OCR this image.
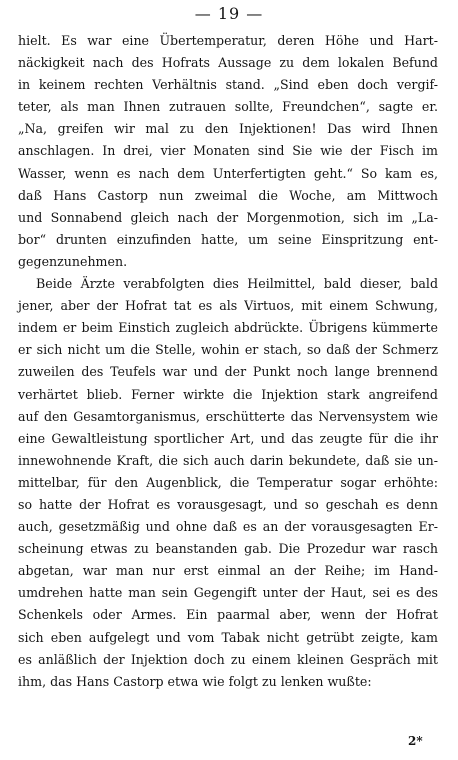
— 19 —
hielt. Es war eine Übertemperatur, deren Höhe und Hart-
näckigkeit nach des Hofrats Aussage zu dem lokalen Befund
in keinem rechten Verhältnis stand. „Sind eben doch vergif-
teter, als man Ihnen zutrauen sollte, Freundchen“, sagte er.
„Na, greifen wir mal zu den Injektionen! Das wird Ihnen
anschlagen. In drei, vier Monaten sind Sie wie der Fisch im
Wasser, wenn es nach dem Unterfertigten geht.“ So kam es,
daß Hans Castorp nun zweimal die Woche, am Mittwoch
und Sonnabend gleich nach der Morgenmotion, sich im „La-
bor“ drunten einzufinden hatte, um seine Einspritzung ent-
gegenzunehmen.
Beide Ärzte verabfolgten dies Heilmittel, bald dieser, bald
jener, aber der Hofrat tat es als Virtuos, mit einem Schwung,
indem er beim Einstich zugleich abdrückte. Übrigens kümmerte
er sich nicht um die Stelle, wohin er stach, so daß der Schmerz
zuweilen des Teufels war und der Punkt noch lange brennend
verhärtet blieb. Ferner wirkte die Injektion stark angreifend
auf den Gesamtorganismus, erschütterte das Nervensystem wie
eine Gewaltleistung sportlicher Art, und das zeugte für die ihr
innewohnende Kraft, die sich auch darin bekundete, daß sie un-
mittelbar, für den Augenblick, die Temperatur sogar erhöhte:
so hatte der Hofrat es vorausgesagt, und so geschah es denn
auch, gesetzmäßig und ohne daß es an der vorausgesagten Er-
scheinung etwas zu beanstanden gab. Die Prozedur war rasch
abgetan, war man nur erst einmal an der Reihe; im Hand-
umdrehen hatte man sein Gegengift unter der Haut, sei es des
Schenkels oder Armes. Ein paarmal aber, wenn der Hofrat
sich eben aufgelegt und vom Tabak nicht getrübt zeigte, kam
es anläßlich der Injektion doch zu einem kleinen Gespräch mit
ihm, das Hans Castorp etwa wie folgt zu lenken wußte:
2*
